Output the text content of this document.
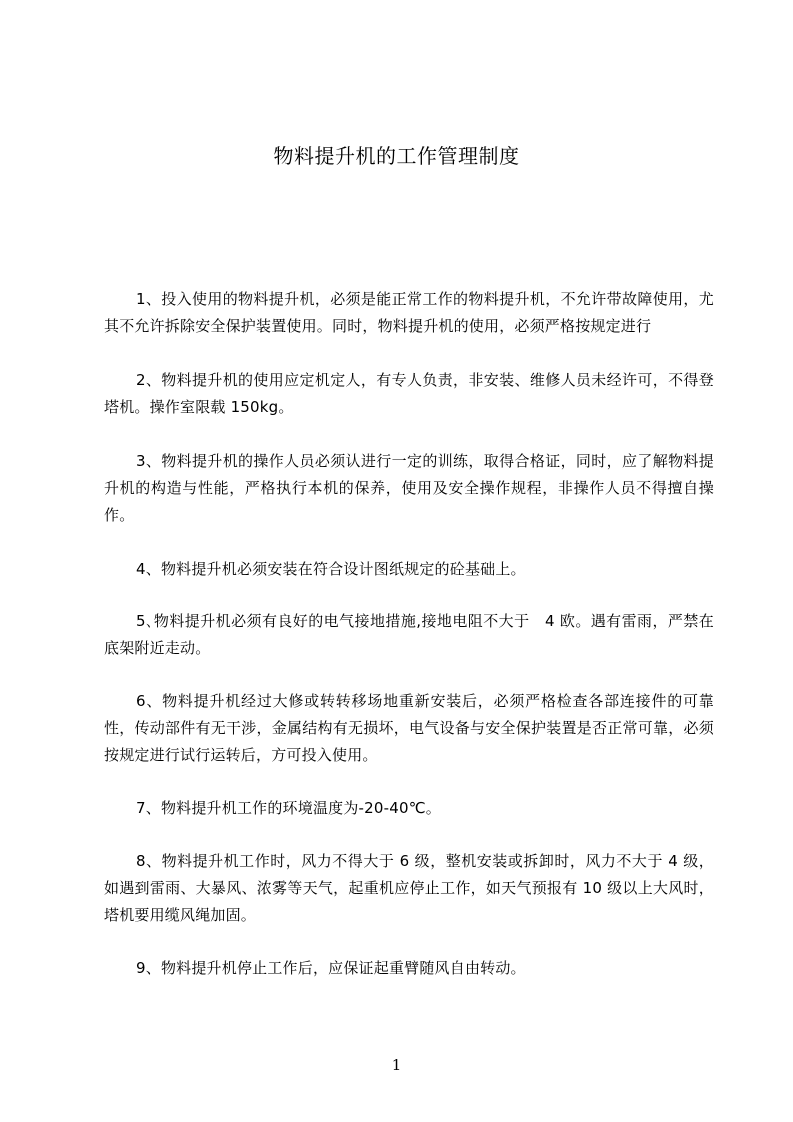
物料提升机的工作管理制度

1、投入使用的物料提升机，必须是能正常工作的物料提升机，不允许带故障使用，尤其不允许拆除安全保护装置使用。同时，物料提升机的使用，必须严格按规定进行

2、物料提升机的使用应定机定人，有专人负责，非安装、维修人员未经许可，不得登塔机。操作室限载 150kg。

3、物料提升机的操作人员必须认进行一定的训练，取得合格证，同时，应了解物料提升机的构造与性能，严格执行本机的保养，使用及安全操作规程，非操作人员不得擅自操作。

4、物料提升机必须安装在符合设计图纸规定的砼基础上。

5､物料提升机必须有良好的电气接地措施,接地电阻不大于　4 欧。遇有雷雨，严禁在底架附近走动。

6、物料提升机经过大修或转转移场地重新安装后，必须严格检查各部连接件的可靠性，传动部件有无干涉，金属结构有无损坏，电气设备与安全保护装置是否正常可靠，必须按规定进行试行运转后，方可投入使用。

7、物料提升机工作的环境温度为-20-40℃。

8、物料提升机工作时，风力不得大于 6 级，整机安装或拆卸时，风力不大于 4 级，如遇到雷雨、大暴风、浓雾等天气，起重机应停止工作，如天气预报有 10 级以上大风时，塔机要用缆风绳加固。

9、物料提升机停止工作后，应保证起重臂随风自由转动。

1
